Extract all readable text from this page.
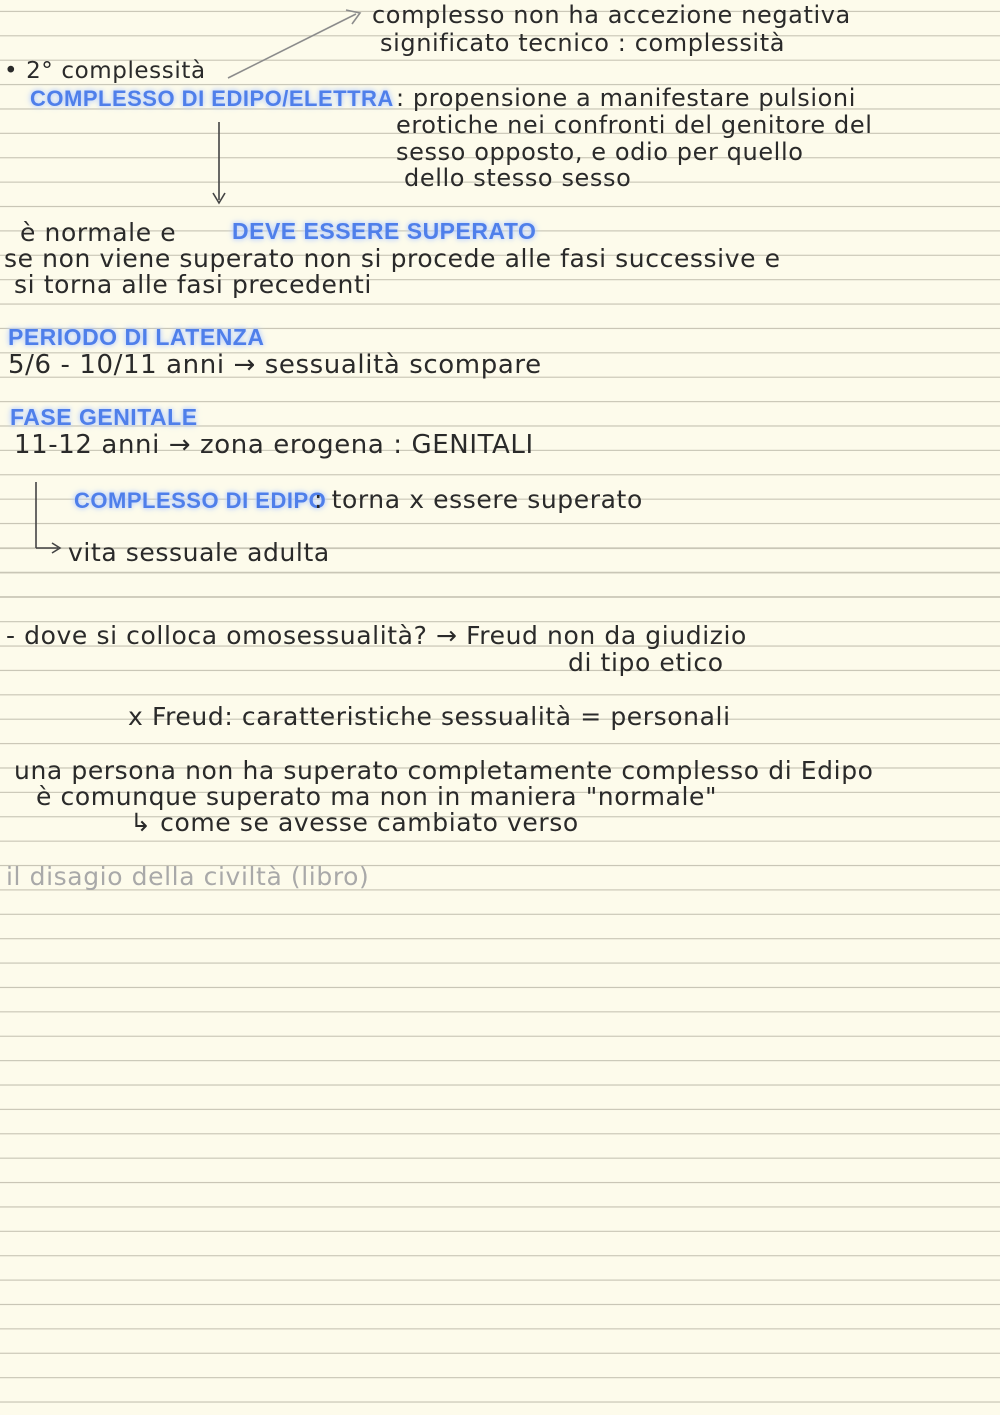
complesso non ha accezione negativa
significato tecnico : complessità
• 2° complessità
COMPLESSO DI EDIPO/ELETTRA : propensione a manifestare pulsioni
erotiche nei confronti del genitore del
sesso opposto, e odio per quello
dello stesso sesso
è normale e DEVE ESSERE SUPERATO
se non viene superato non si procede alle fasi successive e
si torna alle fasi precedenti
PERIODO DI LATENZA
5/6 - 10/11 anni → sessualità scompare
FASE GENITALE
11-12 anni → zona erogena : GENITALI
COMPLESSO DI EDIPO
: torna x essere superato
vita sessuale adulta
- dove si colloca omosessualità? → Freud non da giudizio
di tipo etico
x Freud: caratteristiche sessualità = personali
una persona non ha superato completamente complesso di Edipo
è comunque superato ma non in maniera "normale"
↳ come se avesse cambiato verso
il disagio della civiltà (libro)
